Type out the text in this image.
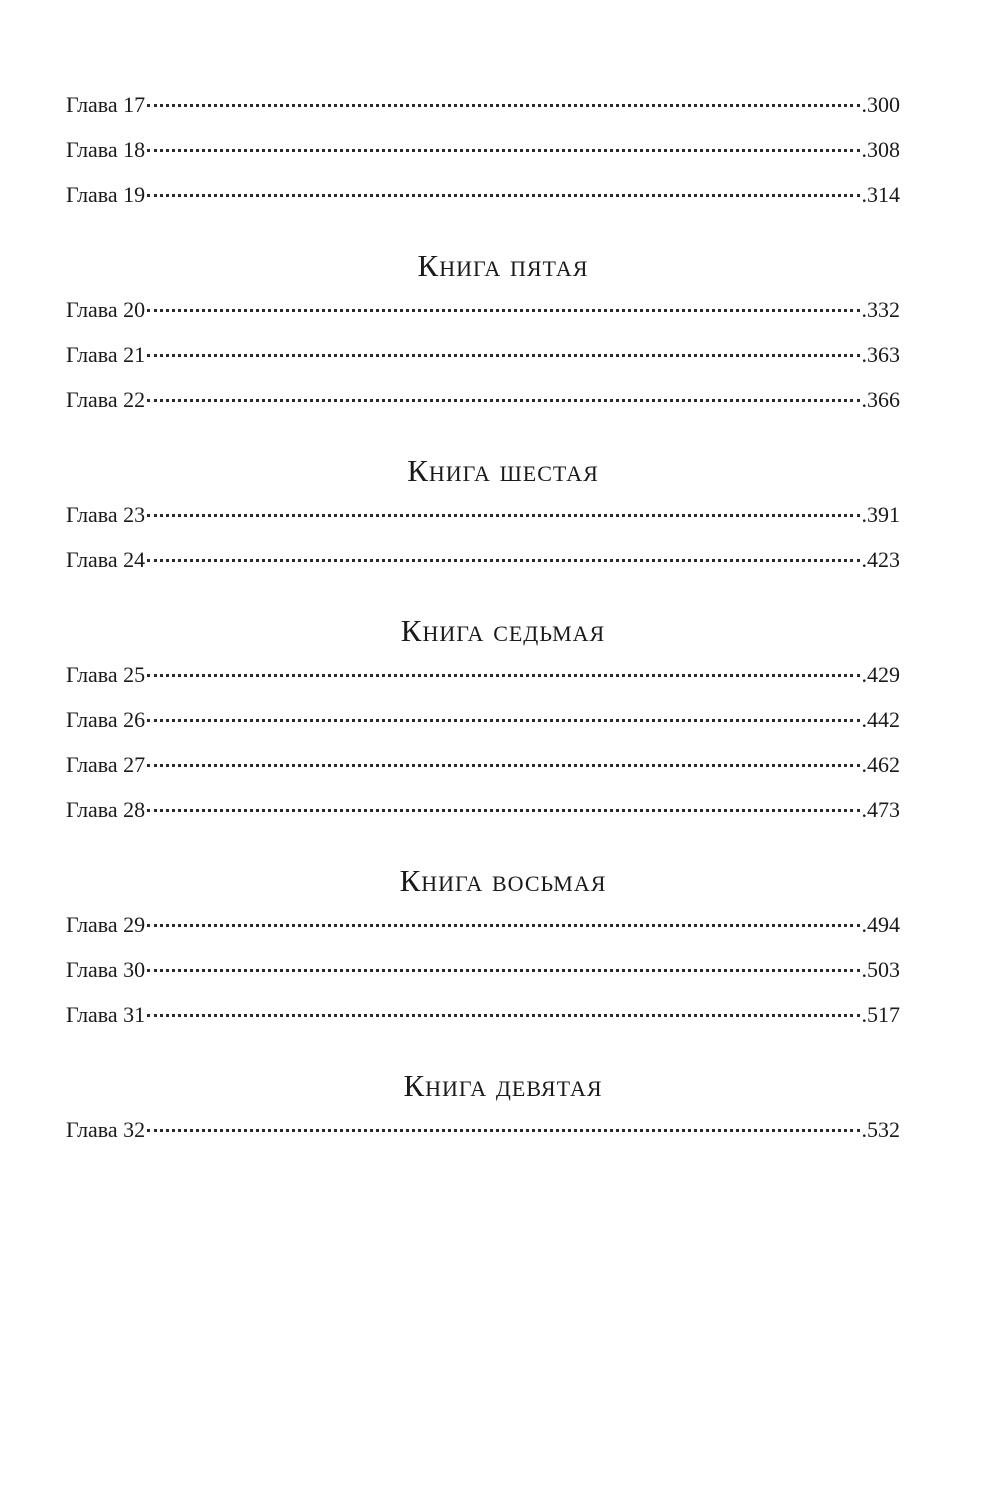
Глава 17	.300
Глава 18	.308
Глава 19	.314
Книга пятая
Глава 20	.332
Глава 21	.363
Глава 22	.366
Книга шестая
Глава 23	.391
Глава 24	.423
Книга седьмая
Глава 25	.429
Глава 26	.442
Глава 27	.462
Глава 28	.473
Книга восьмая
Глава 29	.494
Глава 30	.503
Глава 31	.517
Книга девятая
Глава 32	.532
